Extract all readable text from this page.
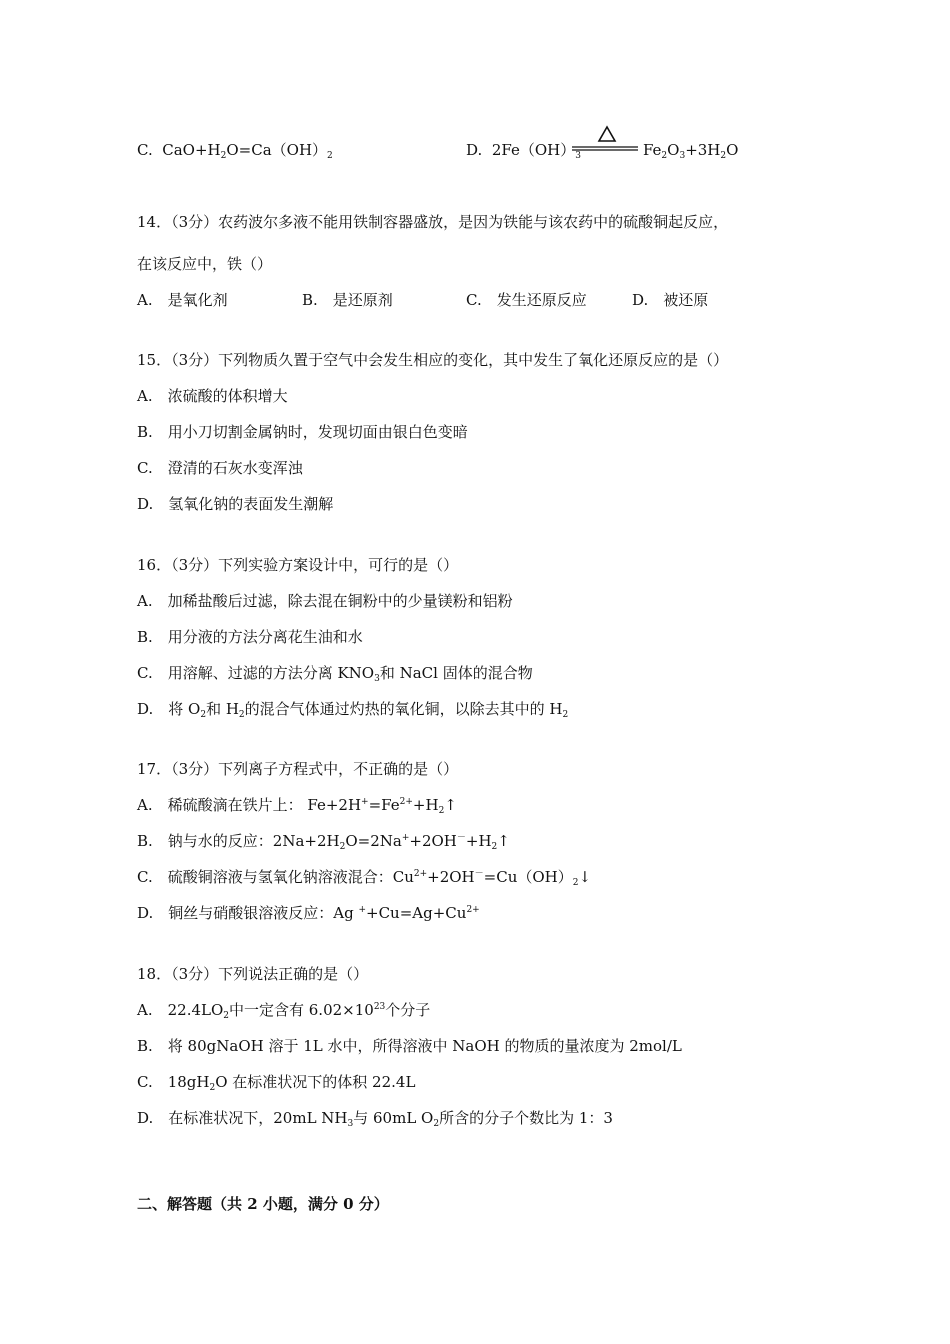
C. $CaO+H_2O=Ca(OH)_2$	D. $2Fe(OH)_3$	$Fe_2O_3+3H_2O$
14．（3分）农药波尔多液不能用铁制容器盛放，是因为铁能与该农药中的硫酸铜起反应，
在该反应中，铁（）
A.　是氧化剂	B.　是还原剂	C.　发生还原反应	D.　被还原
15．（3分）下列物质久置于空气中会发生相应的变化，其中发生了氧化还原反应的是（）
A.　浓硫酸的体积增大
B.　用小刀切割金属钠时，发现切面由银白色变暗
C.　澄清的石灰水变浑浊
D.　氢氧化钠的表面发生潮解
16．（3分）下列实验方案设计中，可行的是（）
A.　加稀盐酸后过滤，除去混在铜粉中的少量镁粉和铝粉
B.　用分液的方法分离花生油和水
C.　用溶解、过滤的方法分离 $KNO_3$和 NaCl 固体的混合物
D.　将 $O_2$和 $H_2$的混合气体通过灼热的氧化铜，以除去其中的 $H_2$
17．（3分）下列离子方程式中，不正确的是（）
A.　稀硫酸滴在铁片上： $Fe+2H^+=Fe^{2+}+H_2↑$
B.　钠与水的反应：$2Na+2H_2O=2Na^++2OH^-+H_2↑$
C.　硫酸铜溶液与氢氧化钠溶液混合：$Cu^{2+}+2OH^-=Cu(OH)_2↓$
D.　铜丝与硝酸银溶液反应：Ag $^++Cu=Ag+Cu^{2+}$
18．（3分）下列说法正确的是（）
A.　$22.4LO_2$中一定含有 $6.02\times 10^{23}$个分子
B.　将 80gNaOH 溶于 1L 水中，所得溶液中 NaOH 的物质的量浓度为 2mol/L
C.　$18gH_2O$ 在标准状况下的体积 22.4L
D.　在标准状况下，20mL $NH_3$与 60mL $O_2$所含的分子个数比为 1：3
二、解答题（共 2 小题，满分 0 分）
